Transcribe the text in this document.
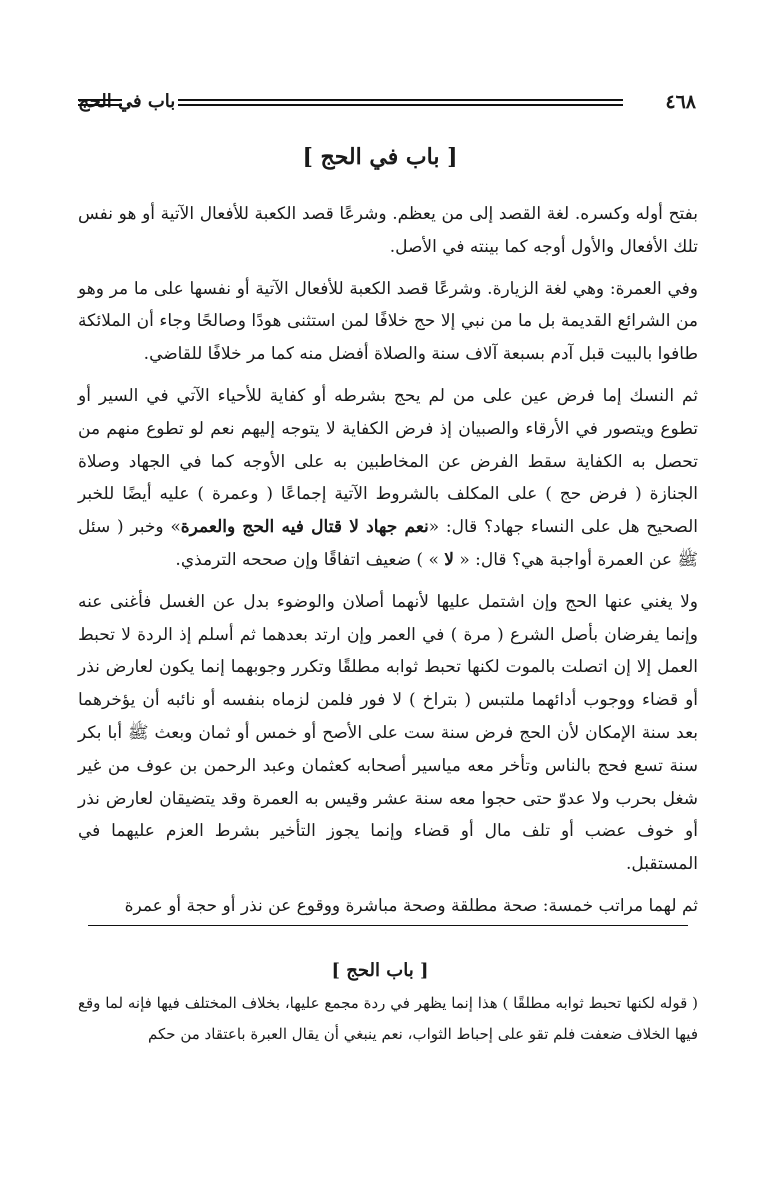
٤٦٨
باب في الحج
[ باب في الحج ]

بفتح أوله وكسره. لغة القصد إلى من يعظم. وشرعًا قصد الكعبة للأفعال الآتية أو هو نفس تلك الأفعال والأول أوجه كما بينته في الأصل.

وفي العمرة: وهي لغة الزيارة. وشرعًا قصد الكعبة للأفعال الآتية أو نفسها على ما مر وهو من الشرائع القديمة بل ما من نبي إلا حج خلافًا لمن استثنى هودًا وصالحًا وجاء أن الملائكة طافوا بالبيت قبل آدم بسبعة آلاف سنة والصلاة أفضل منه كما مر خلافًا للقاضي.

ثم النسك إما فرض عين على من لم يحج بشرطه أو كفاية للأحياء الآتي في السير أو تطوع ويتصور في الأرقاء والصبيان إذ فرض الكفاية لا يتوجه إليهم نعم لو تطوع منهم من تحصل به الكفاية سقط الفرض عن المخاطبين به على الأوجه كما في الجهاد وصلاة الجنازة ( فرض حج ) على المكلف بالشروط الآتية إجماعًا ( وعمرة ) عليه أيضًا للخبر الصحيح هل على النساء جهاد؟ قال: «نعم جهاد لا قتال فيه الحج والعمرة» وخبر ( سئل ﷺ عن العمرة أواجبة هي؟ قال: « لا » ) ضعيف اتفاقًا وإن صححه الترمذي.

ولا يغني عنها الحج وإن اشتمل عليها لأنهما أصلان والوضوء بدل عن الغسل فأغنى عنه وإنما يفرضان بأصل الشرع ( مرة ) في العمر وإن ارتد بعدهما ثم أسلم إذ الردة لا تحبط العمل إلا إن اتصلت بالموت لكنها تحبط ثوابه مطلقًا وتكرر وجوبهما إنما يكون لعارض نذر أو قضاء ووجوب أدائهما ملتبس ( بتراخ ) لا فور فلمن لزماه بنفسه أو نائبه أن يؤخرهما بعد سنة الإمكان لأن الحج فرض سنة ست على الأصح أو خمس أو ثمان وبعث ﷺ أبا بكر سنة تسع فحج بالناس وتأخر معه مياسير أصحابه كعثمان وعبد الرحمن بن عوف من غير شغل بحرب ولا عدوّ حتى حجوا معه سنة عشر وقيس به العمرة وقد يتضيقان لعارض نذر أو خوف عضب أو تلف مال أو قضاء وإنما يجوز التأخير بشرط العزم عليهما في المستقبل.

ثم لهما مراتب خمسة: صحة مطلقة وصحة مباشرة ووقوع عن نذر أو حجة أو عمرة

[ باب الحج ]

( قوله لكنها تحبط ثوابه مطلقًا ) هذا إنما يظهر في ردة مجمع عليها، بخلاف المختلف فيها فإنه لما وقع فيها الخلاف ضعفت فلم تقو على إحباط الثواب، نعم ينبغي أن يقال العبرة باعتقاد من حكم
